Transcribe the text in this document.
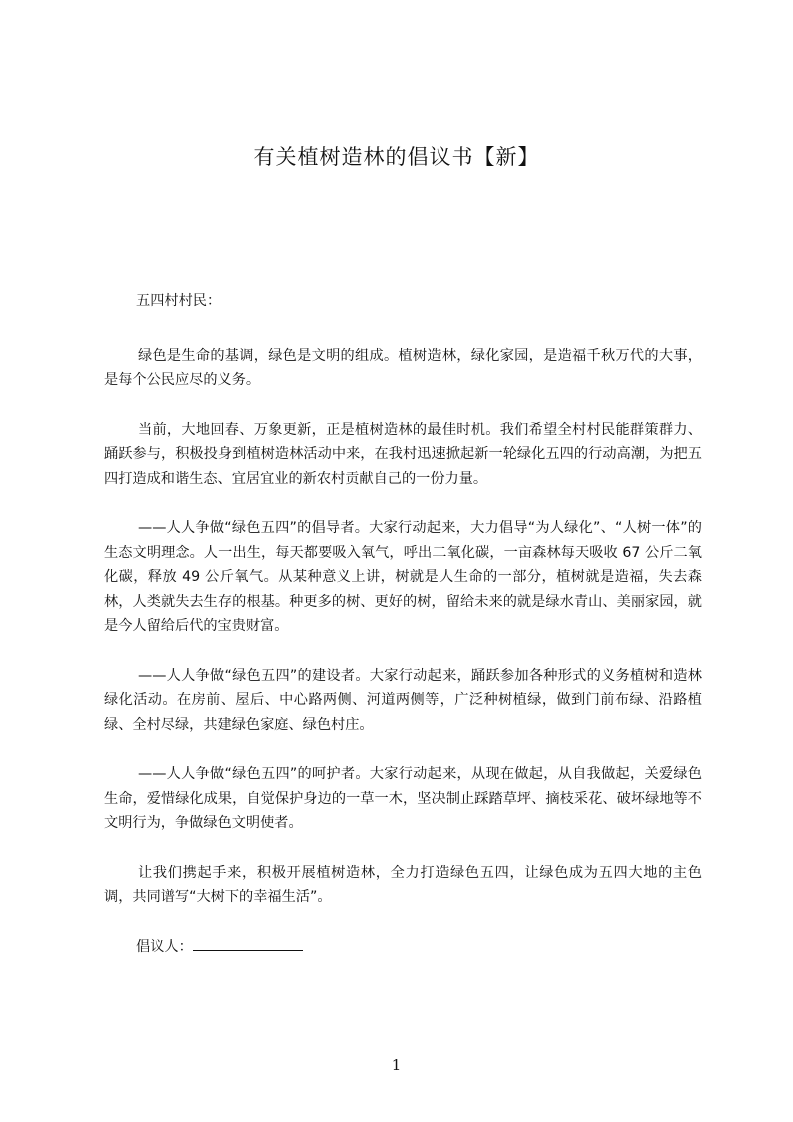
有关植树造林的倡议书【新】

五四村村民：

绿色是生命的基调，绿色是文明的组成。植树造林，绿化家园，是造福千秋万代的大事，是每个公民应尽的义务。

当前，大地回春、万象更新，正是植树造林的最佳时机。我们希望全村村民能群策群力、踊跃参与，积极投身到植树造林活动中来，在我村迅速掀起新一轮绿化五四的行动高潮，为把五四打造成和谐生态、宜居宜业的新农村贡献自己的一份力量。

——人人争做“绿色五四”的倡导者。大家行动起来，大力倡导“为人绿化”、“人树一体”的生态文明理念。人一出生，每天都要吸入氧气，呼出二氧化碳，一亩森林每天吸收 67 公斤二氧化碳，释放 49 公斤氧气。从某种意义上讲，树就是人生命的一部分，植树就是造福，失去森林，人类就失去生存的根基。种更多的树、更好的树，留给未来的就是绿水青山、美丽家园，就是今人留给后代的宝贵财富。

——人人争做“绿色五四”的建设者。大家行动起来，踊跃参加各种形式的义务植树和造林绿化活动。在房前、屋后、中心路两侧、河道两侧等，广泛种树植绿，做到门前布绿、沿路植绿、全村尽绿，共建绿色家庭、绿色村庄。

——人人争做“绿色五四”的呵护者。大家行动起来，从现在做起，从自我做起，关爱绿色生命，爱惜绿化成果，自觉保护身边的一草一木，坚决制止踩踏草坪、摘枝采花、破坏绿地等不文明行为，争做绿色文明使者。

让我们携起手来，积极开展植树造林，全力打造绿色五四，让绿色成为五四大地的主色调，共同谱写“大树下的幸福生活”。

倡议人：

1
